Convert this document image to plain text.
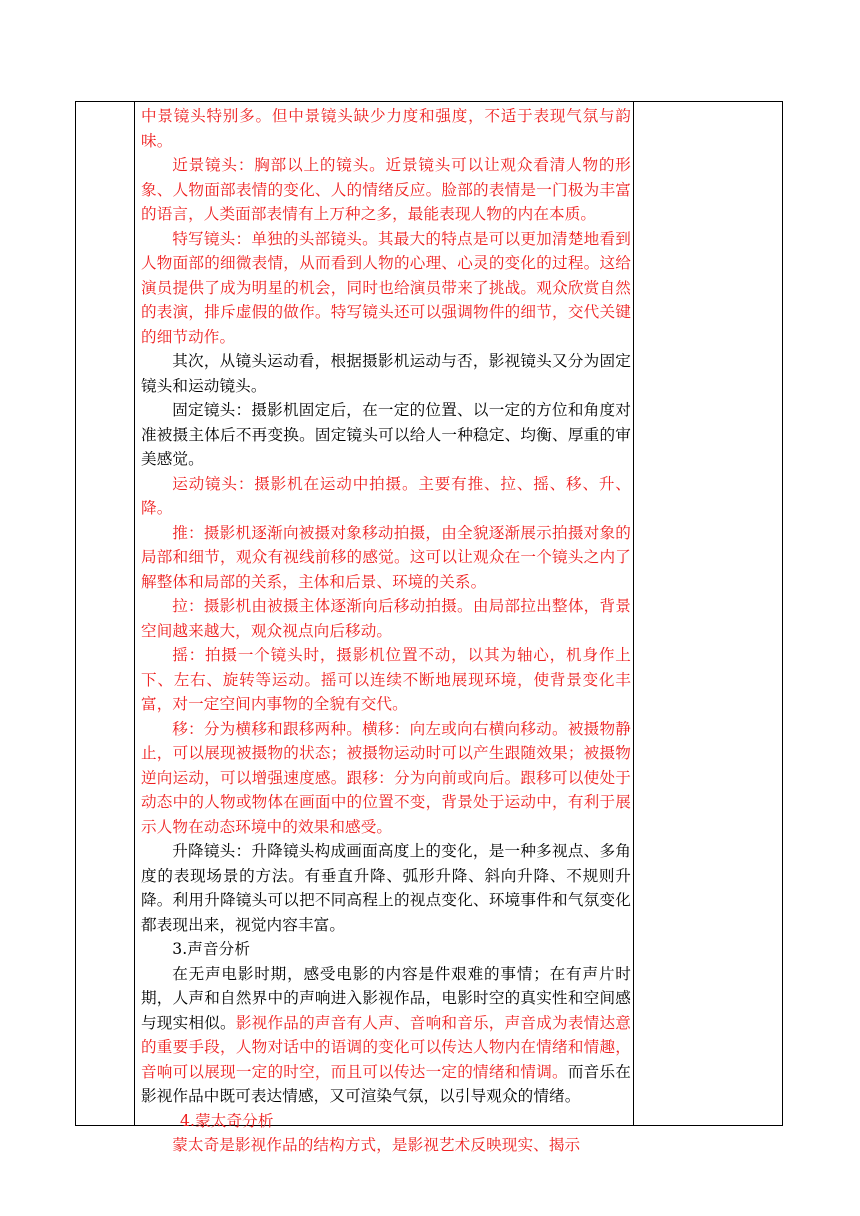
中景镜头特别多。但中景镜头缺少力度和强度，不适于表现气氛与韵味。

近景镜头：胸部以上的镜头。近景镜头可以让观众看清人物的形象、人物面部表情的变化、人的情绪反应。脸部的表情是一门极为丰富的语言，人类面部表情有上万种之多，最能表现人物的内在本质。

特写镜头：单独的头部镜头。其最大的特点是可以更加清楚地看到人物面部的细微表情，从而看到人物的心理、心灵的变化的过程。这给演员提供了成为明星的机会，同时也给演员带来了挑战。观众欣赏自然的表演，排斥虚假的做作。特写镜头还可以强调物件的细节，交代关键的细节动作。

其次，从镜头运动看，根据摄影机运动与否，影视镜头又分为固定镜头和运动镜头。

固定镜头：摄影机固定后，在一定的位置、以一定的方位和角度对准被摄主体后不再变换。固定镜头可以给人一种稳定、均衡、厚重的审美感觉。

运动镜头：摄影机在运动中拍摄。主要有推、拉、摇、移、升、降。

推：摄影机逐渐向被摄对象移动拍摄，由全貌逐渐展示拍摄对象的局部和细节，观众有视线前移的感觉。这可以让观众在一个镜头之内了解整体和局部的关系，主体和后景、环境的关系。

拉：摄影机由被摄主体逐渐向后移动拍摄。由局部拉出整体，背景空间越来越大，观众视点向后移动。

摇：拍摄一个镜头时，摄影机位置不动，以其为轴心，机身作上下、左右、旋转等运动。摇可以连续不断地展现环境，使背景变化丰富，对一定空间内事物的全貌有交代。

移：分为横移和跟移两种。横移：向左或向右横向移动。被摄物静止，可以展现被摄物的状态；被摄物运动时可以产生跟随效果；被摄物逆向运动，可以增强速度感。跟移：分为向前或向后。跟移可以使处于动态中的人物或物体在画面中的位置不变，背景处于运动中，有利于展示人物在动态环境中的效果和感受。

升降镜头：升降镜头构成画面高度上的变化，是一种多视点、多角度的表现场景的方法。有垂直升降、弧形升降、斜向升降、不规则升降。利用升降镜头可以把不同高程上的视点变化、环境事件和气氛变化都表现出来，视觉内容丰富。

3.声音分析

在无声电影时期，感受电影的内容是件艰难的事情；在有声片时期，人声和自然界中的声响进入影视作品，电影时空的真实性和空间感与现实相似。影视作品的声音有人声、音响和音乐，声音成为表情达意的重要手段，人物对话中的语调的变化可以传达人物内在情绪和情趣，音响可以展现一定的时空，而且可以传达一定的情绪和情调。而音乐在影视作品中既可表达情感，又可渲染气氛，以引导观众的情绪。

4.蒙太奇分析

蒙太奇是影视作品的结构方式，是影视艺术反映现实、揭示
